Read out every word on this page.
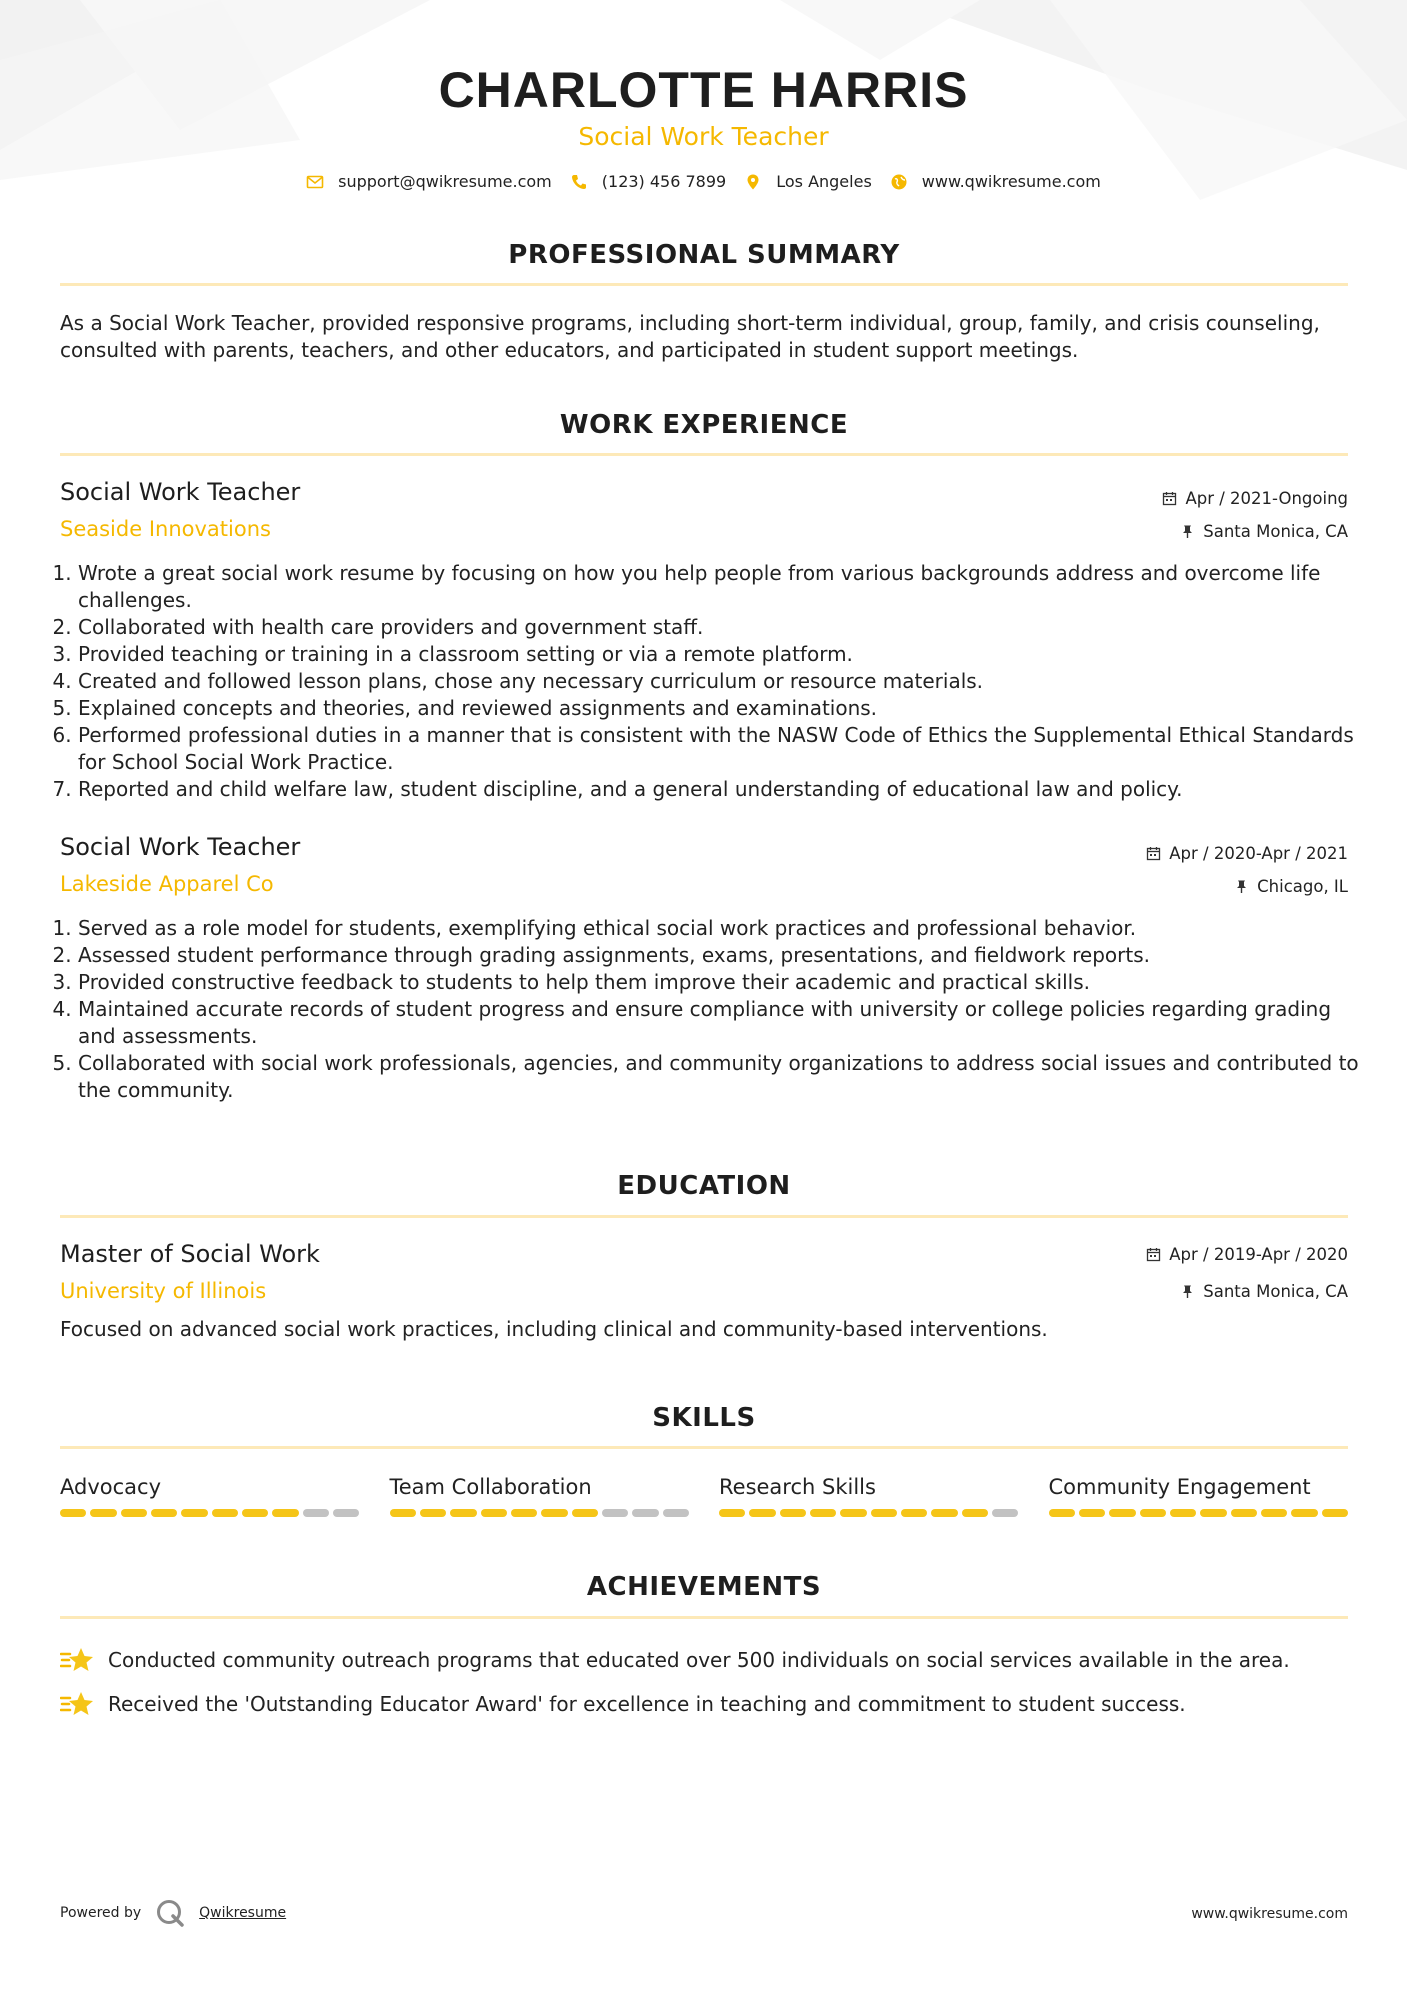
CHARLOTTE HARRIS
Social Work Teacher
support@qwikresume.com	(123) 456 7899	Los Angeles	www.qwikresume.com
PROFESSIONAL SUMMARY
As a Social Work Teacher, provided responsive programs, including short-term individual, group, family, and crisis counseling, consulted with parents, teachers, and other educators, and participated in student support meetings.
WORK EXPERIENCE
Social Work Teacher	Apr / 2021-Ongoing
Seaside Innovations	Santa Monica, CA
1. Wrote a great social work resume by focusing on how you help people from various backgrounds address and overcome life challenges.
2. Collaborated with health care providers and government staff.
3. Provided teaching or training in a classroom setting or via a remote platform.
4. Created and followed lesson plans, chose any necessary curriculum or resource materials.
5. Explained concepts and theories, and reviewed assignments and examinations.
6. Performed professional duties in a manner that is consistent with the NASW Code of Ethics the Supplemental Ethical Standards for School Social Work Practice.
7. Reported and child welfare law, student discipline, and a general understanding of educational law and policy.
Social Work Teacher	Apr / 2020-Apr / 2021
Lakeside Apparel Co	Chicago, IL
1. Served as a role model for students, exemplifying ethical social work practices and professional behavior.
2. Assessed student performance through grading assignments, exams, presentations, and fieldwork reports.
3. Provided constructive feedback to students to help them improve their academic and practical skills.
4. Maintained accurate records of student progress and ensure compliance with university or college policies regarding grading and assessments.
5. Collaborated with social work professionals, agencies, and community organizations to address social issues and contributed to the community.
EDUCATION
Master of Social Work	Apr / 2019-Apr / 2020
University of Illinois	Santa Monica, CA
Focused on advanced social work practices, including clinical and community-based interventions.
SKILLS
Advocacy	Team Collaboration	Research Skills	Community Engagement
ACHIEVEMENTS
Conducted community outreach programs that educated over 500 individuals on social services available in the area.
Received the 'Outstanding Educator Award' for excellence in teaching and commitment to student success.
Powered by	Qwikresume	www.qwikresume.com
